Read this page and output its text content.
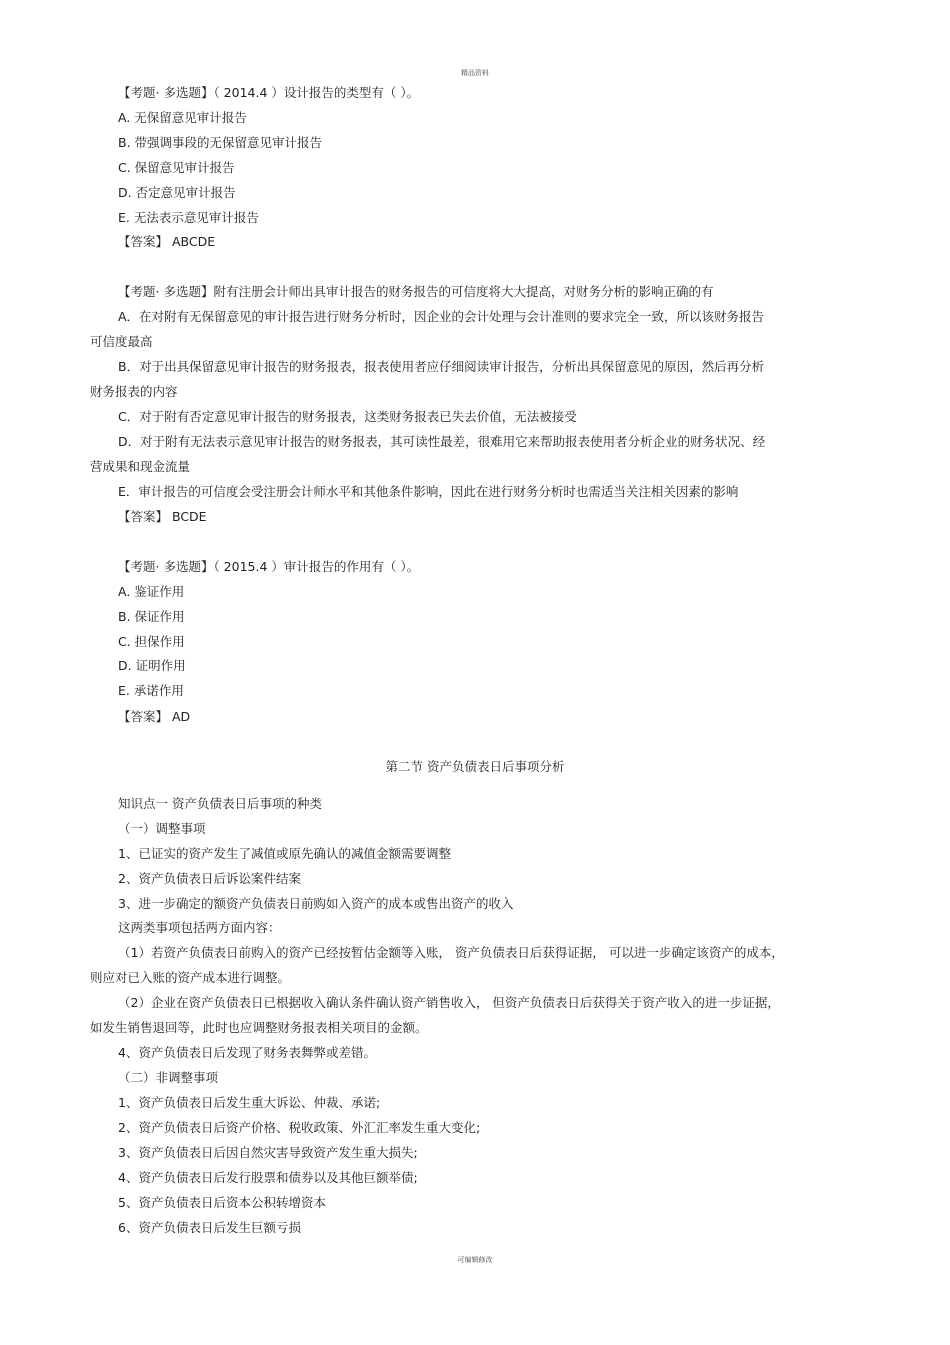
精品资料
【考题· 多选题】（ 2014.4 ）设计报告的类型有（ ）。
A. 无保留意见审计报告
B. 带强调事段的无保留意见审计报告
C. 保留意见审计报告
D. 否定意见审计报告
E. 无法表示意见审计报告
【答案】 ABCDE
【考题· 多选题】附有注册会计师出具审计报告的财务报告的可信度将大大提高，对财务分析的影响正确的有
A．在对附有无保留意见的审计报告进行财务分析时，因企业的会计处理与会计准则的要求完全一致，所以该财务报告
可信度最高
B．对于出具保留意见审计报告的财务报表，报表使用者应仔细阅读审计报告，分析出具保留意见的原因，然后再分析
财务报表的内容
C．对于附有否定意见审计报告的财务报表，这类财务报表已失去价值，无法被接受
D．对于附有无法表示意见审计报告的财务报表，其可读性最差，很难用它来帮助报表使用者分析企业的财务状况、经
营成果和现金流量
E．审计报告的可信度会受注册会计师水平和其他条件影响，因此在进行财务分析时也需适当关注相关因素的影响
【答案】 BCDE
【考题· 多选题】（ 2015.4 ）审计报告的作用有（ ）。
A. 鉴证作用
B. 保证作用
C. 担保作用
D. 证明作用
E. 承诺作用
【答案】 AD
第二节 资产负债表日后事项分析
知识点一 资产负债表日后事项的种类
（一）调整事项
1、已证实的资产发生了减值或原先确认的减值金额需要调整
2、资产负债表日后诉讼案件结案
3、进一步确定的额资产负债表日前购如入资产的成本或售出资产的收入
这两类事项包括两方面内容：
（1）若资产负债表日前购入的资产已经按暂估金额等入账， 资产负债表日后获得证据， 可以进一步确定该资产的成本，
则应对已入账的资产成本进行调整。
（2）企业在资产负债表日已根据收入确认条件确认资产销售收入， 但资产负债表日后获得关于资产收入的进一步证据，
如发生销售退回等，此时也应调整财务报表相关项目的金额。
4、资产负债表日后发现了财务表舞弊或差错。
（二）非调整事项
1、资产负债表日后发生重大诉讼、仲裁、承诺;
2、资产负债表日后资产价格、税收政策、外汇汇率发生重大变化;
3、资产负债表日后因自然灾害导致资产发生重大损失;
4、资产负债表日后发行股票和债券以及其他巨额举债;
5、资产负债表日后资本公积转增资本
6、资产负债表日后发生巨额亏损
可编辑修改
